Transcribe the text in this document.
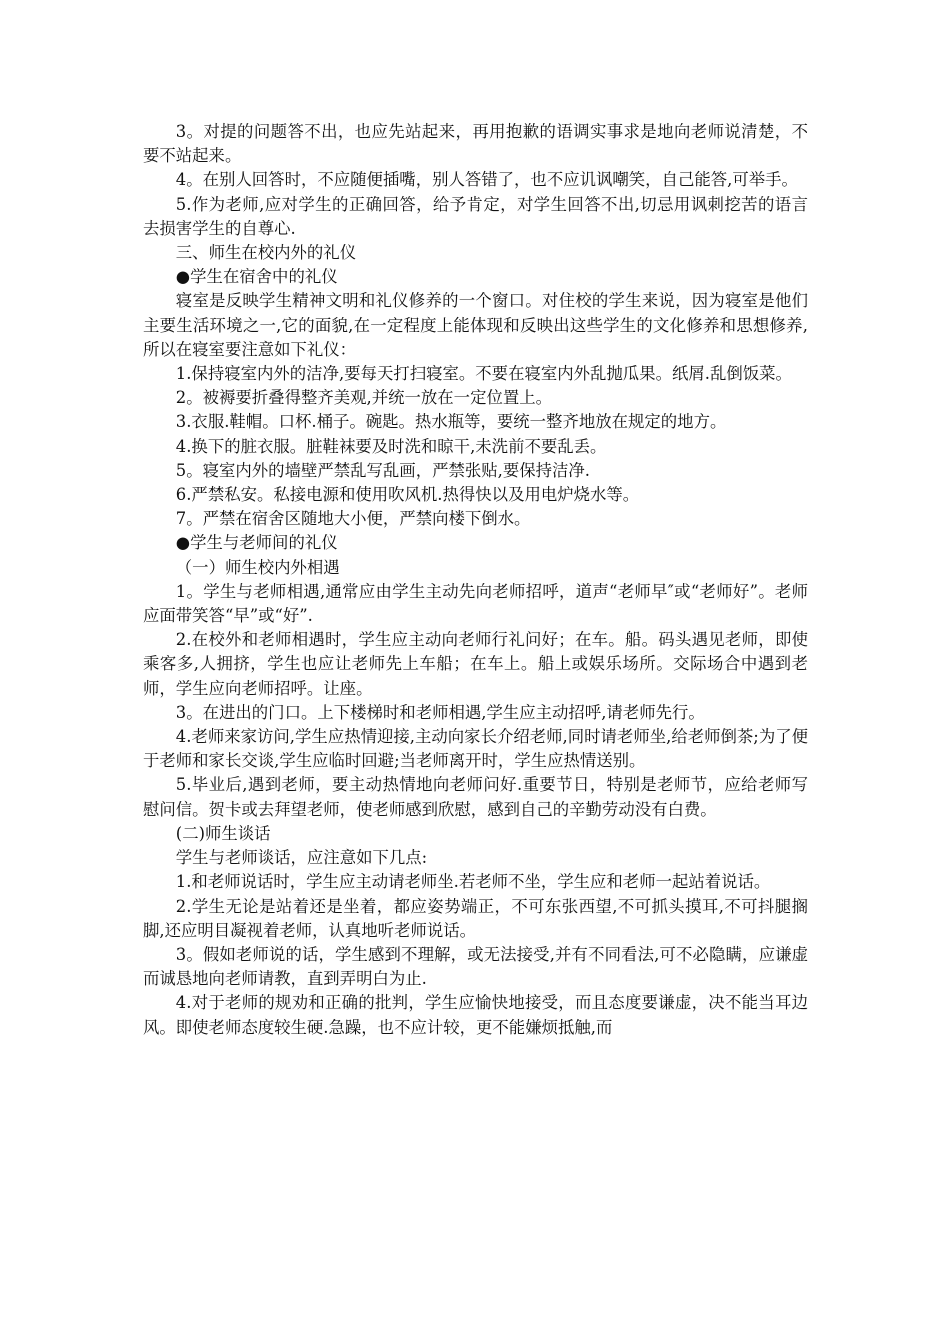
3。对提的问题答不出，也应先站起来，再用抱歉的语调实事求是地向老师说清楚，不要不站起来。

4。在别人回答时，不应随便插嘴，别人答错了，也不应讥讽嘲笑，自己能答,可举手。

5.作为老师,应对学生的正确回答，给予肯定，对学生回答不出,切忌用讽刺挖苦的语言去损害学生的自尊心.

三、师生在校内外的礼仪

●学生在宿舍中的礼仪

寝室是反映学生精神文明和礼仪修养的一个窗口。对住校的学生来说，因为寝室是他们主要生活环境之一,它的面貌,在一定程度上能体现和反映出这些学生的文化修养和思想修养,所以在寝室要注意如下礼仪：

1.保持寝室内外的洁净,要每天打扫寝室。不要在寝室内外乱抛瓜果。纸屑.乱倒饭菜。

2。被褥要折叠得整齐美观,并统一放在一定位置上。

3.衣服.鞋帽。口杯.桶子。碗匙。热水瓶等，要统一整齐地放在规定的地方。

4.换下的脏衣服。脏鞋袜要及时洗和晾干,未洗前不要乱丢。

5。寝室内外的墙壁严禁乱写乱画，严禁张贴,要保持洁净.

6.严禁私安。私接电源和使用吹风机.热得快以及用电炉烧水等。

7。严禁在宿舍区随地大小便，严禁向楼下倒水。

●学生与老师间的礼仪

（一）师生校内外相遇

1。学生与老师相遇,通常应由学生主动先向老师招呼，道声“老师早″或“老师好”。老师应面带笑答“早”或“好”.

2.在校外和老师相遇时，学生应主动向老师行礼问好；在车。船。码头遇见老师，即使乘客多,人拥挤，学生也应让老师先上车船；在车上。船上或娱乐场所。交际场合中遇到老师，学生应向老师招呼。让座。

3。在进出的门口。上下楼梯时和老师相遇,学生应主动招呼,请老师先行。

4.老师来家访问,学生应热情迎接,主动向家长介绍老师,同时请老师坐,给老师倒茶;为了便于老师和家长交谈,学生应临时回避;当老师离开时，学生应热情送别。

5.毕业后,遇到老师，要主动热情地向老师问好.重要节日，特别是老师节，应给老师写慰问信。贺卡或去拜望老师，使老师感到欣慰，感到自己的辛勤劳动没有白费。

(二)师生谈话

学生与老师谈话，应注意如下几点:

1.和老师说话时，学生应主动请老师坐.若老师不坐，学生应和老师一起站着说话。

2.学生无论是站着还是坐着，都应姿势端正，不可东张西望,不可抓头摸耳,不可抖腿搁脚,还应明目凝视着老师，认真地听老师说话。

3。假如老师说的话，学生感到不理解，或无法接受,并有不同看法,可不必隐瞒，应谦虚而诚恳地向老师请教，直到弄明白为止.

4.对于老师的规劝和正确的批判，学生应愉快地接受，而且态度要谦虚，决不能当耳边风。即使老师态度较生硬.急躁，也不应计较，更不能嫌烦抵触,而
